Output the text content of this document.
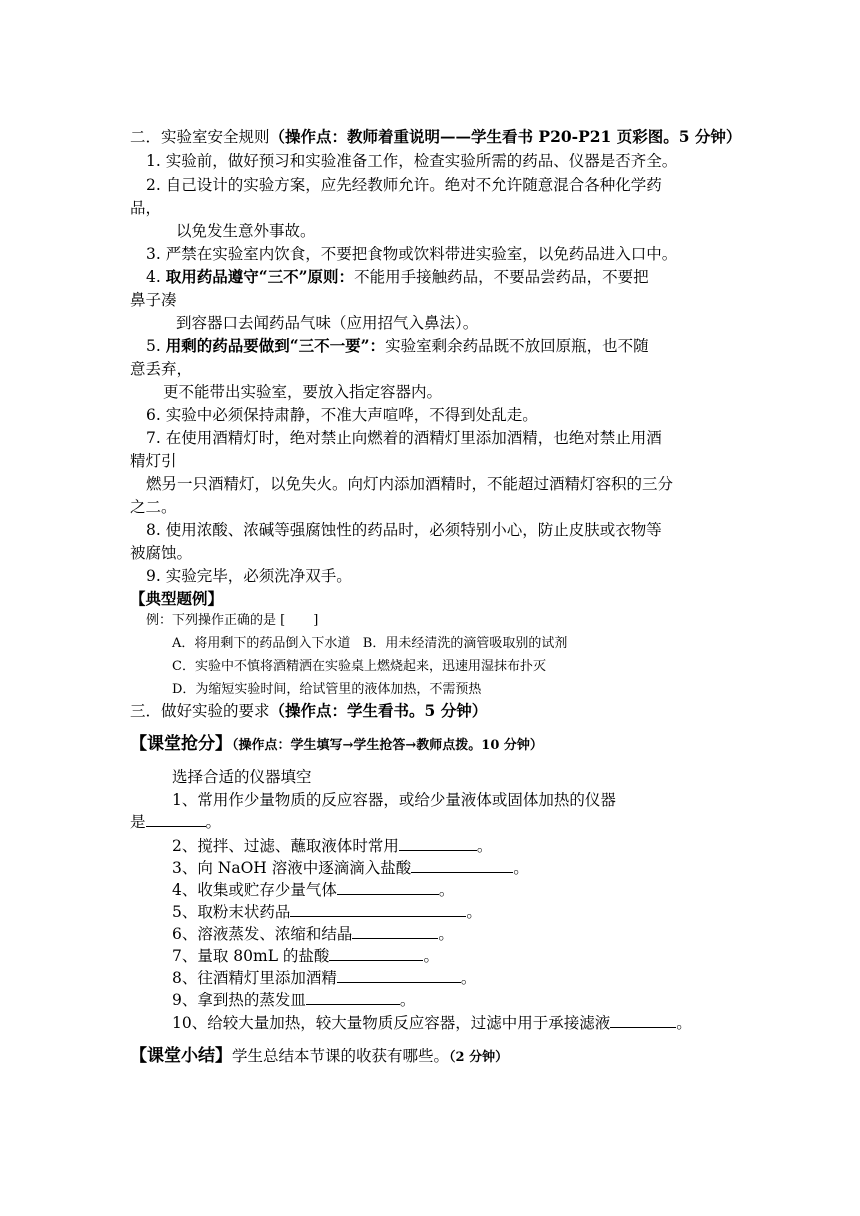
二．实验室安全规则（操作点：教师着重说明——学生看书 P20-P21 页彩图。5 分钟）
1. 实验前，做好预习和实验准备工作，检查实验所需的药品、仪器是否齐全。
2. 自己设计的实验方案，应先经教师允许。绝对不允许随意混合各种化学药
品，
以免发生意外事故。
3. 严禁在实验室内饮食，不要把食物或饮料带进实验室，以免药品进入口中。
4. 取用药品遵守“三不”原则：不能用手接触药品，不要品尝药品，不要把
鼻子凑
到容器口去闻药品气味（应用招气入鼻法）。
5. 用剩的药品要做到“三不一要”：实验室剩余药品既不放回原瓶，也不随
意丢弃，
更不能带出实验室，要放入指定容器内。
6. 实验中必须保持肃静，不准大声喧哗，不得到处乱走。
7. 在使用酒精灯时，绝对禁止向燃着的酒精灯里添加酒精，也绝对禁止用酒
精灯引
燃另一只酒精灯，以免失火。向灯内添加酒精时，不能超过酒精灯容积的三分
之二。
8. 使用浓酸、浓碱等强腐蚀性的药品时，必须特别小心，防止皮肤或衣物等
被腐蚀。
9. 实验完毕，必须洗净双手。
【典型题例】
例：下列操作正确的是 [ ]
A．将用剩下的药品倒入下水道 B．用未经清洗的滴管吸取别的试剂
C．实验中不慎将酒精洒在实验桌上燃烧起来，迅速用湿抹布扑灭
D．为缩短实验时间，给试管里的液体加热，不需预热
三．做好实验的要求（操作点：学生看书。5 分钟）
【课堂抢分】（操作点：学生填写→学生抢答→教师点拨。10 分钟）
选择合适的仪器填空
1、常用作少量物质的反应容器，或给少量液体或固体加热的仪器
是	。
2、搅拌、过滤、蘸取液体时常用	。
3、向 NaOH 溶液中逐滴滴入盐酸	。
4、收集或贮存少量气体	。
5、取粉末状药品	。
6、溶液蒸发、浓缩和结晶	。
7、量取 80mL 的盐酸	。
8、往酒精灯里添加酒精	。
9、拿到热的蒸发皿	。
10、给较大量加热，较大量物质反应容器，过滤中用于承接滤液	。
【课堂小结】学生总结本节课的收获有哪些。（2 分钟）
